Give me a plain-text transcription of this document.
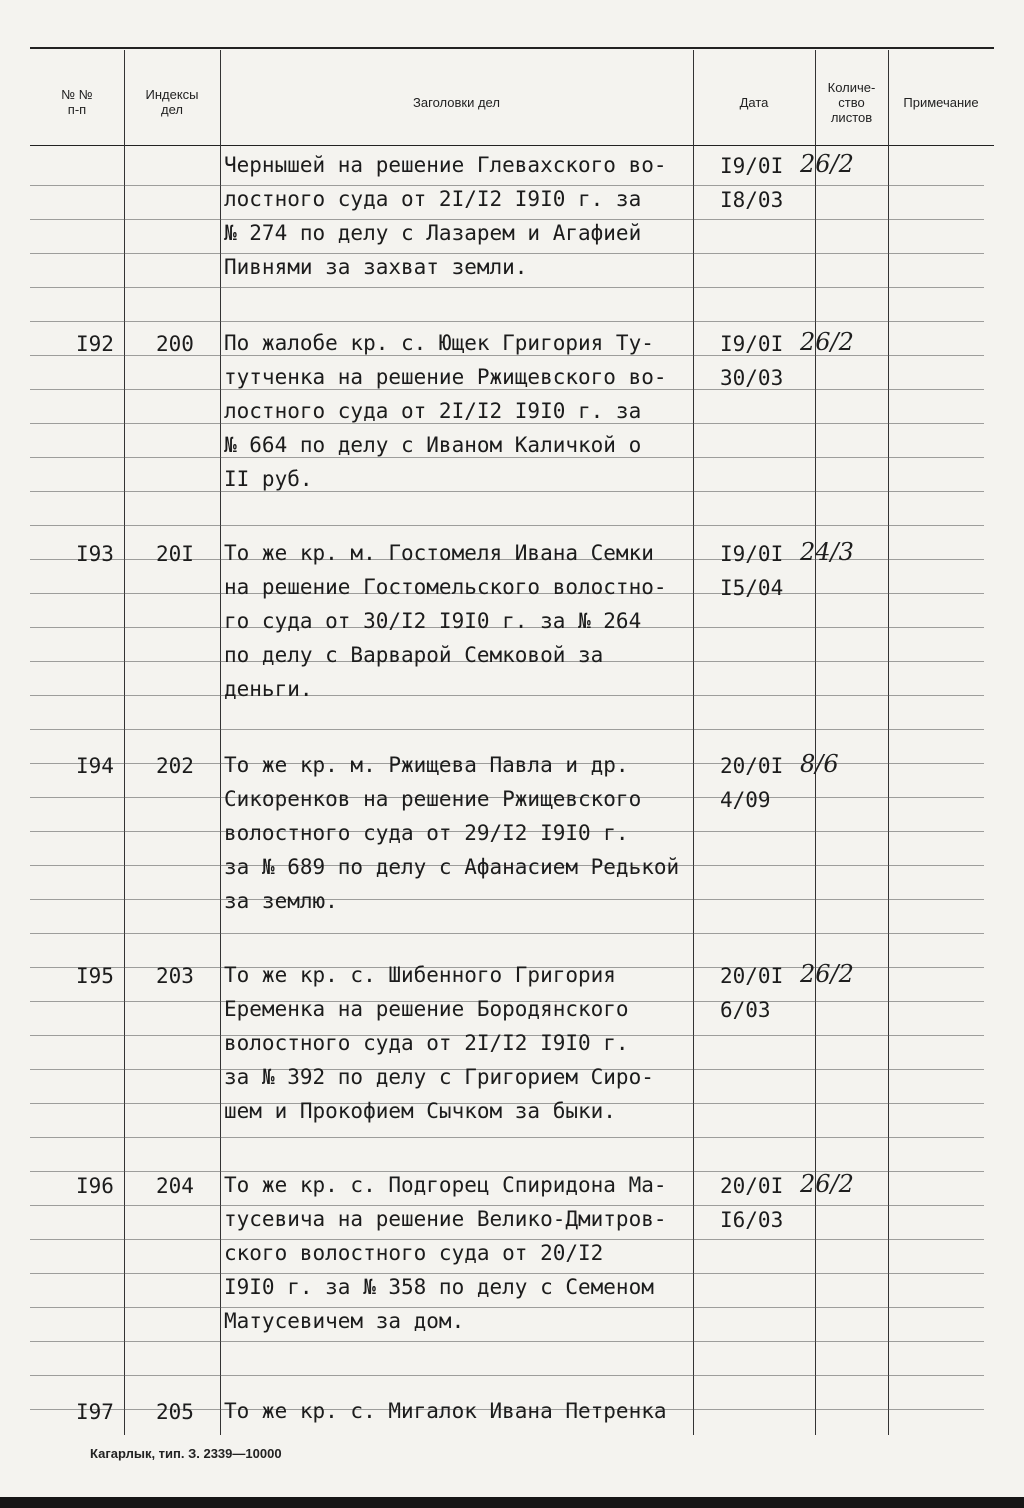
№ №
п-п
Индексы
дел	Заголовки дел	Дата
Количе-
ство
листов
Примечание
Чернышей на решение Глевахского во-
лостного суда от 2I/I2 I9I0 г. за
№ 274 по делу с Лазарем и Агафией
Пивнями за захват земли.
I9/0I
I8/03
26/2
I92 200 По жалобе кр. с. Ющек Григория Ту-
тутченка на решение Ржищевского во-
лостного суда от 2I/I2 I9I0 г. за
№ 664 по делу с Иваном Каличкой о
II руб.
I9/0I
30/03
26/2
I93 20I То же кр. м. Гостомеля Ивана Семки
на решение Гостомельского волостно-
го суда от 30/I2 I9I0 г. за № 264
по делу с Варварой Семковой за
деньги.
I9/0I
I5/04
24/3
I94 202 То же кр. м. Ржищева Павла и др.
Сикоренков на решение Ржищевского
волостного суда от 29/I2 I9I0 г.
за № 689 по делу с Афанасием Редькой
за землю.
20/0I
4/09
8/6
I95 203 То же кр. с. Шибенного Григория
Еременка на решение Бородянского
волостного суда от 2I/I2 I9I0 г.
за № 392 по делу с Григорием Сиро-
шем и Прокофием Сычком за быки.
20/0I
6/03
26/2
I96 204 То же кр. с. Подгорец Спиридона Ма-
тусевича на решение Велико-Дмитров-
ского волостного суда от 20/I2
I9I0 г. за № 358 по делу с Семеном
Матусевичем за дом.
20/0I
I6/03
26/2
I97 205 То же кр. с. Мигалок Ивана Петренка
Кагарлык, тип. З. 2339—10000
